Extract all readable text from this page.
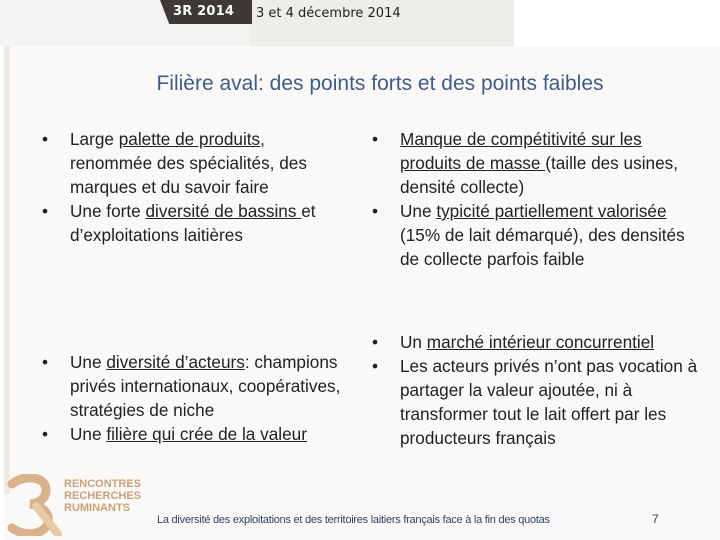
3R 2014 3 et 4 décembre 2014
Filière aval: des points forts et des points faibles
• Large palette de produits, renommée des spécialités, des marques et du savoir faire
• Une forte diversité de bassins et d’exploitations laitières
• Une diversité d’acteurs: champions privés internationaux, coopératives, stratégies de niche
• Une filière qui crée de la valeur
• Manque de compétitivité sur les produits de masse (taille des usines, densité collecte)
• Une typicité partiellement valorisée (15% de lait démarqué), des densités de collecte parfois faible
• Un marché intérieur concurrentiel
• Les acteurs privés n’ont pas vocation à partager la valeur ajoutée, ni à transformer tout le lait offert par les producteurs français
RENCONTRES
RECHERCHES
RUMINANTS
La diversité des exploitations et des territoires laitiers français face à la fin des quotas	7
